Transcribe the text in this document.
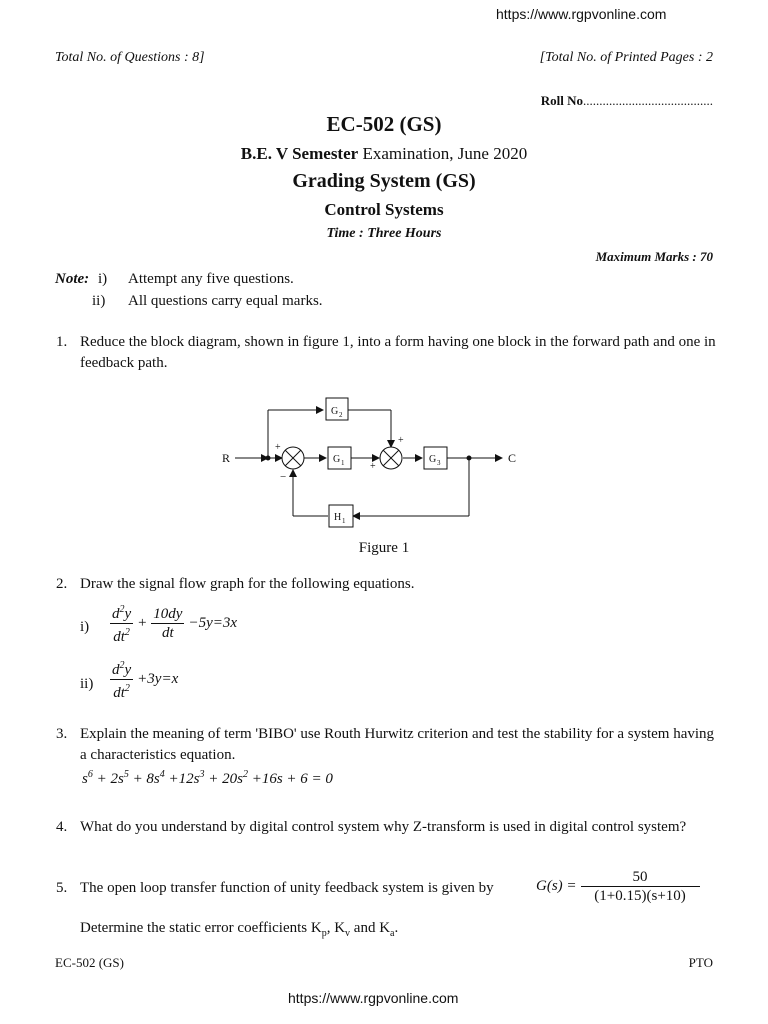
https://www.rgpvonline.com
Total No. of Questions : 8]	[Total No. of Printed Pages : 2
Roll No........................................
EC-502 (GS)
B.E. V Semester Examination, June 2020
Grading System (GS)
Control Systems
Time : Three Hours
Maximum Marks : 70
Note: i) Attempt any five questions.
ii) All questions carry equal marks.
1. Reduce the block diagram, shown in figure 1, into a form having one block in the forward path and one in feedback path.
R	C
G 2
G 1	G 3
H 1
+
−
+
+
Figure 1
2. Draw the signal flow graph for the following equations.
$i) \frac{d^2y}{dt^2} + \frac{10dy}{dt} -5y=3x$
$ii) \frac{d^2y}{dt^2} +3y=x$
3. Explain the meaning of term 'BIBO' use Routh Hurwitz criterion and test the stability for a system having a characteristics equation.
$s^6 + 2s^5 + 8s^4 +12s^3 + 20s^2 +16s + 6 = 0$
4. What do you understand by digital control system why Z-transform is used in digital control system?
5. The open loop transfer function of unity feedback system is given by	$G(s) = \frac{50}{(1+0.15)(s+10)}$
Determine the static error coefficients $K_p$, $K_v$ and $K_a$.
EC-502 (GS)	PTO
https://www.rgpvonline.com
